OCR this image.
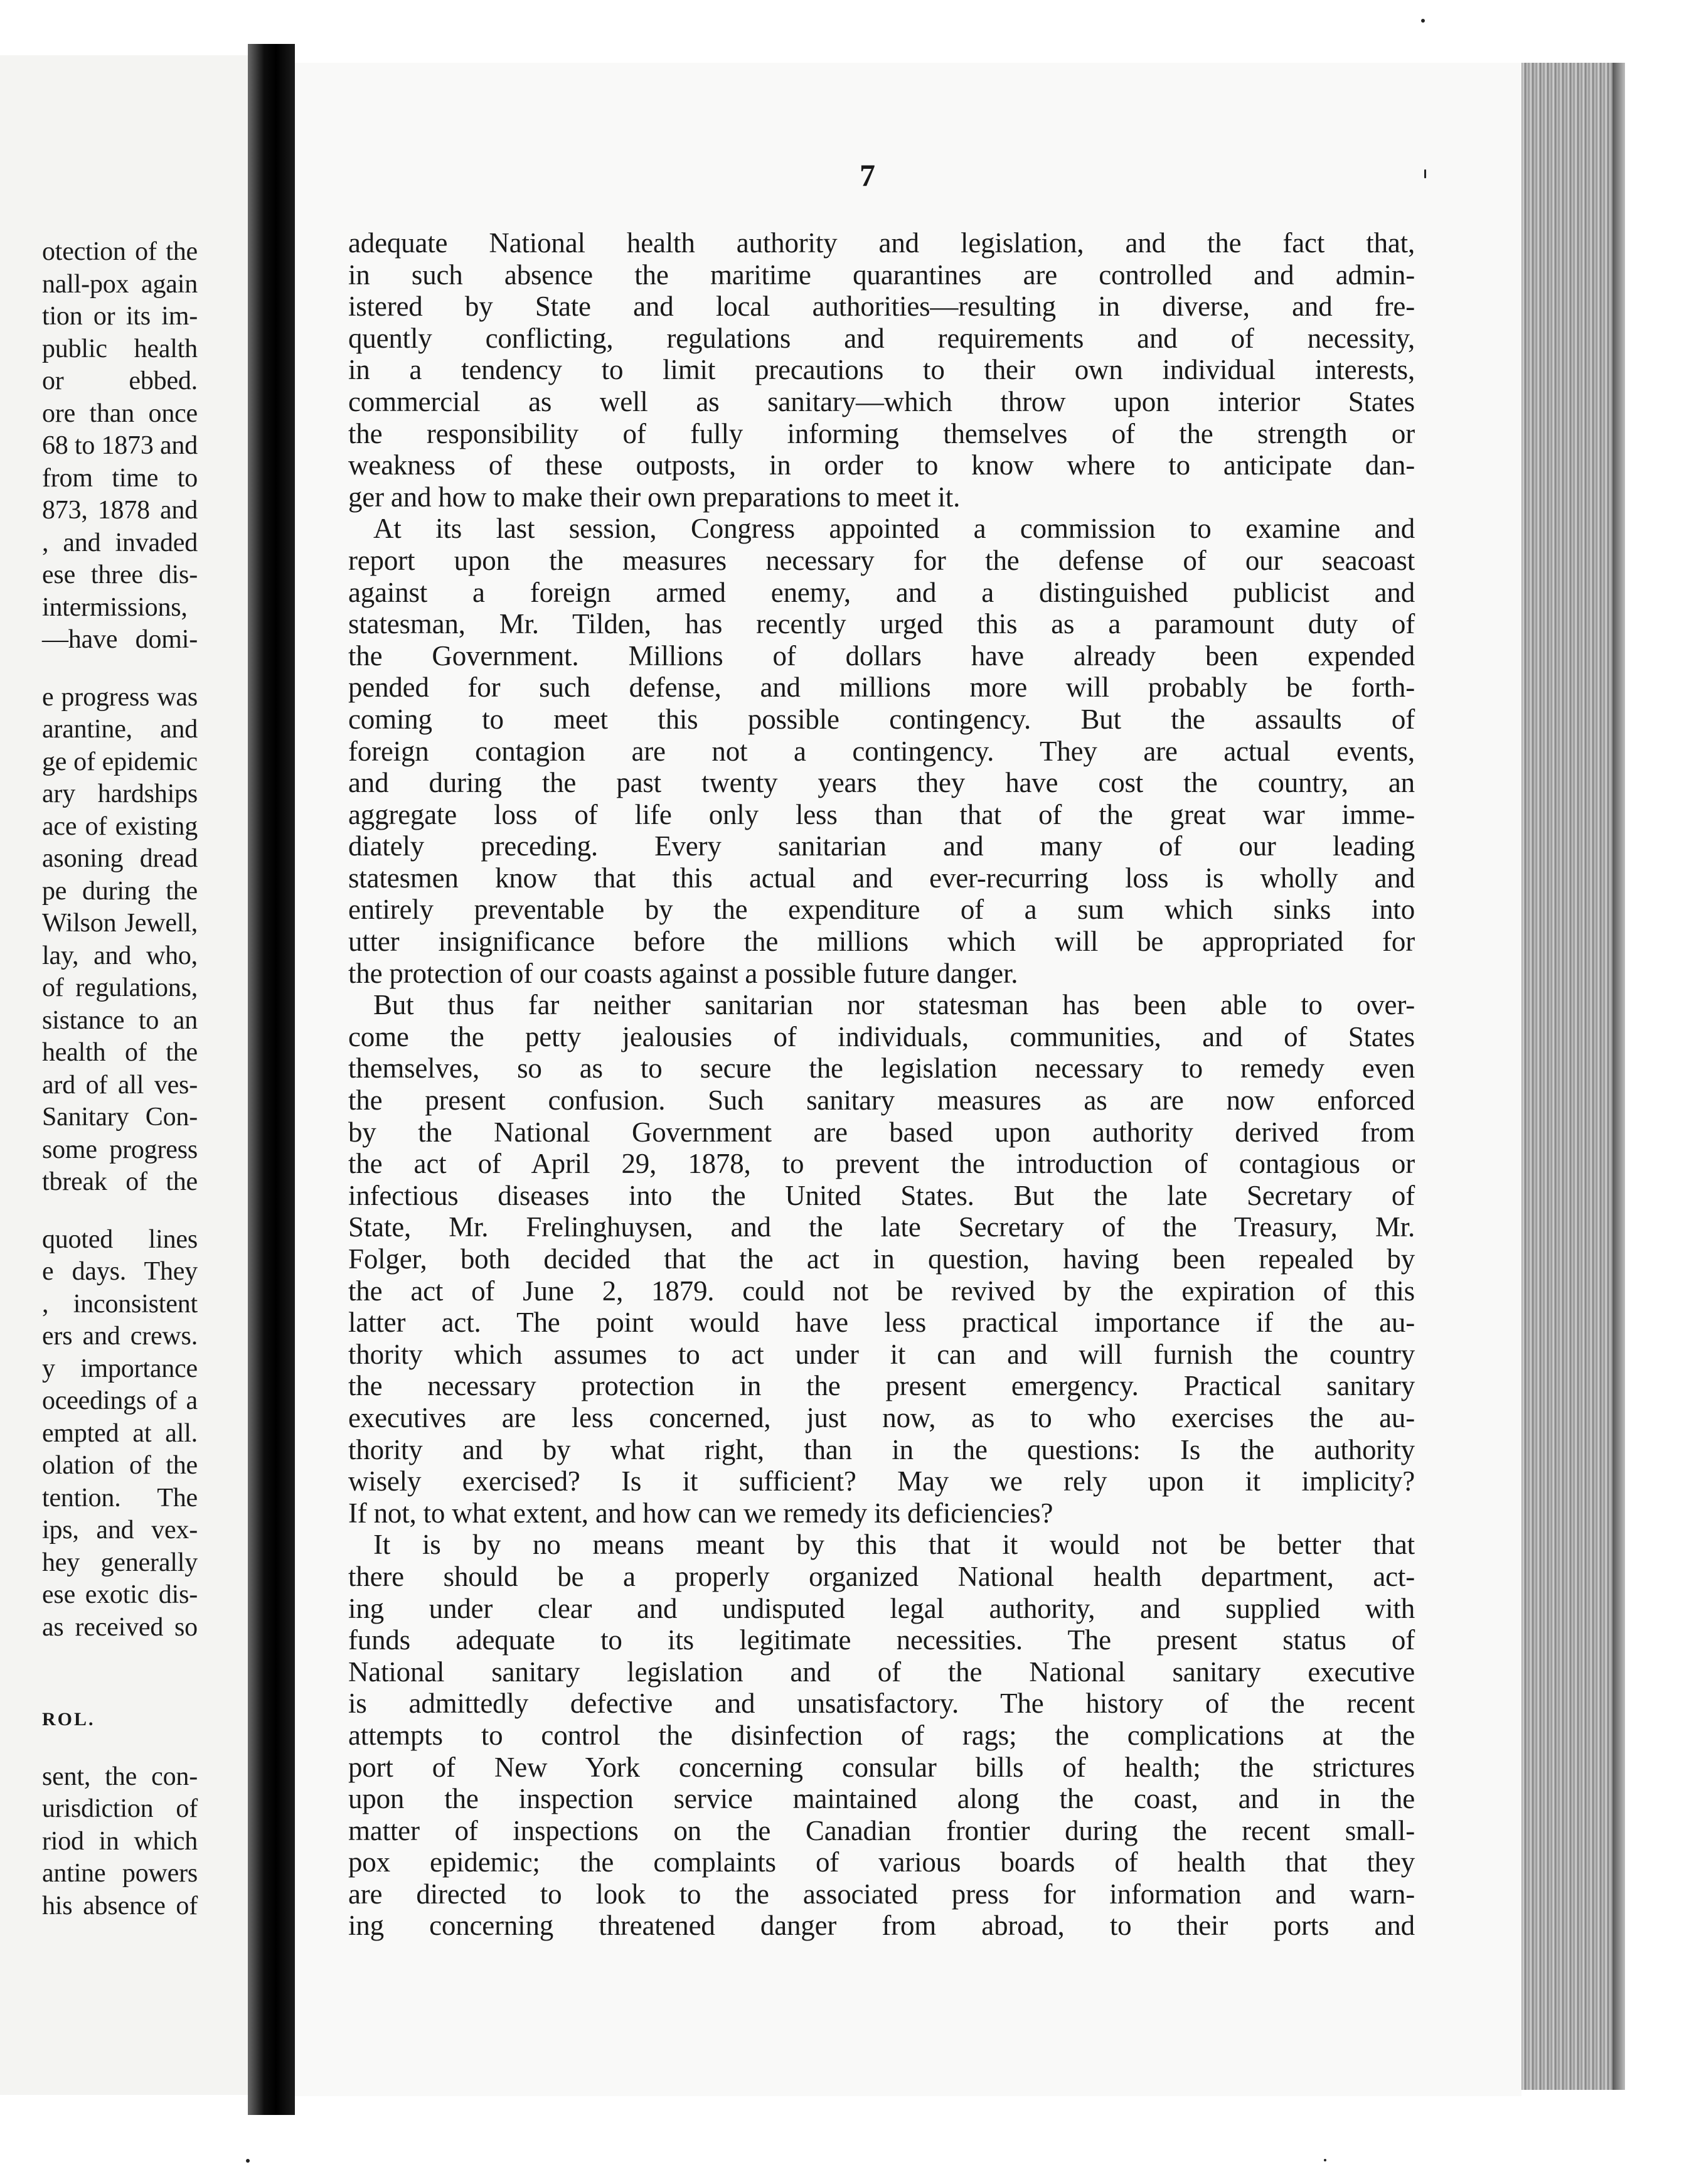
otection of the
nall-pox again
tion or its im-
public health
or ebbed.
ore than once
68 to 1873 and
from time to
873, 1878 and
, and invaded
ese three dis-
intermissions,
—have domi-
e progress was
arantine, and
ge of epidemic
ary hardships
ace of existing
asoning dread
pe during the
Wilson Jewell,
lay, and who,
of regulations,
sistance to an
health of the
ard of all ves-
Sanitary Con-
some progress
tbreak of the
quoted lines
e days. They
, inconsistent
ers and crews.
y importance
oceedings of a
empted at all.
olation of the
tention. The
ips, and vex-
hey generally
ese exotic dis-
as received so
ROL.
sent, the con-
urisdiction of
riod in which
antine powers
his absence of
7
adequate National health authority and legislation, and the fact that,
in such absence the maritime quarantines are controlled and admin-
istered by State and local authorities—resulting in diverse, and fre-
quently conflicting, regulations and requirements and of necessity,
in a tendency to limit precautions to their own individual interests,
commercial as well as sanitary—which throw upon interior States
the responsibility of fully informing themselves of the strength or
weakness of these outposts, in order to know where to anticipate dan-
ger and how to make their own preparations to meet it.
At its last session, Congress appointed a commission to examine and
report upon the measures necessary for the defense of our seacoast
against a foreign armed enemy, and a distinguished publicist and
statesman, Mr. Tilden, has recently urged this as a paramount duty of
the Government. Millions of dollars have already been expended
pended for such defense, and millions more will probably be forth-
coming to meet this possible contingency. But the assaults of
foreign contagion are not a contingency. They are actual events,
and during the past twenty years they have cost the country, an
aggregate loss of life only less than that of the great war imme-
diately preceding. Every sanitarian and many of our leading
statesmen know that this actual and ever-recurring loss is wholly and
entirely preventable by the expenditure of a sum which sinks into
utter insignificance before the millions which will be appropriated for
the protection of our coasts against a possible future danger.
But thus far neither sanitarian nor statesman has been able to over-
come the petty jealousies of individuals, communities, and of States
themselves, so as to secure the legislation necessary to remedy even
the present confusion. Such sanitary measures as are now enforced
by the National Government are based upon authority derived from
the act of April 29, 1878, to prevent the introduction of contagious or
infectious diseases into the United States. But the late Secretary of
State, Mr. Frelinghuysen, and the late Secretary of the Treasury, Mr.
Folger, both decided that the act in question, having been repealed by
the act of June 2, 1879. could not be revived by the expiration of this
latter act. The point would have less practical importance if the au-
thority which assumes to act under it can and will furnish the country
the necessary protection in the present emergency. Practical sanitary
executives are less concerned, just now, as to who exercises the au-
thority and by what right, than in the questions: Is the authority
wisely exercised? Is it sufficient? May we rely upon it implicity?
If not, to what extent, and how can we remedy its deficiencies?
It is by no means meant by this that it would not be better that
there should be a properly organized National health department, act-
ing under clear and undisputed legal authority, and supplied with
funds adequate to its legitimate necessities. The present status of
National sanitary legislation and of the National sanitary executive
is admittedly defective and unsatisfactory. The history of the recent
attempts to control the disinfection of rags; the complications at the
port of New York concerning consular bills of health; the strictures
upon the inspection service maintained along the coast, and in the
matter of inspections on the Canadian frontier during the recent small-
pox epidemic; the complaints of various boards of health that they
are directed to look to the associated press for information and warn-
ing concerning threatened danger from abroad, to their ports and
